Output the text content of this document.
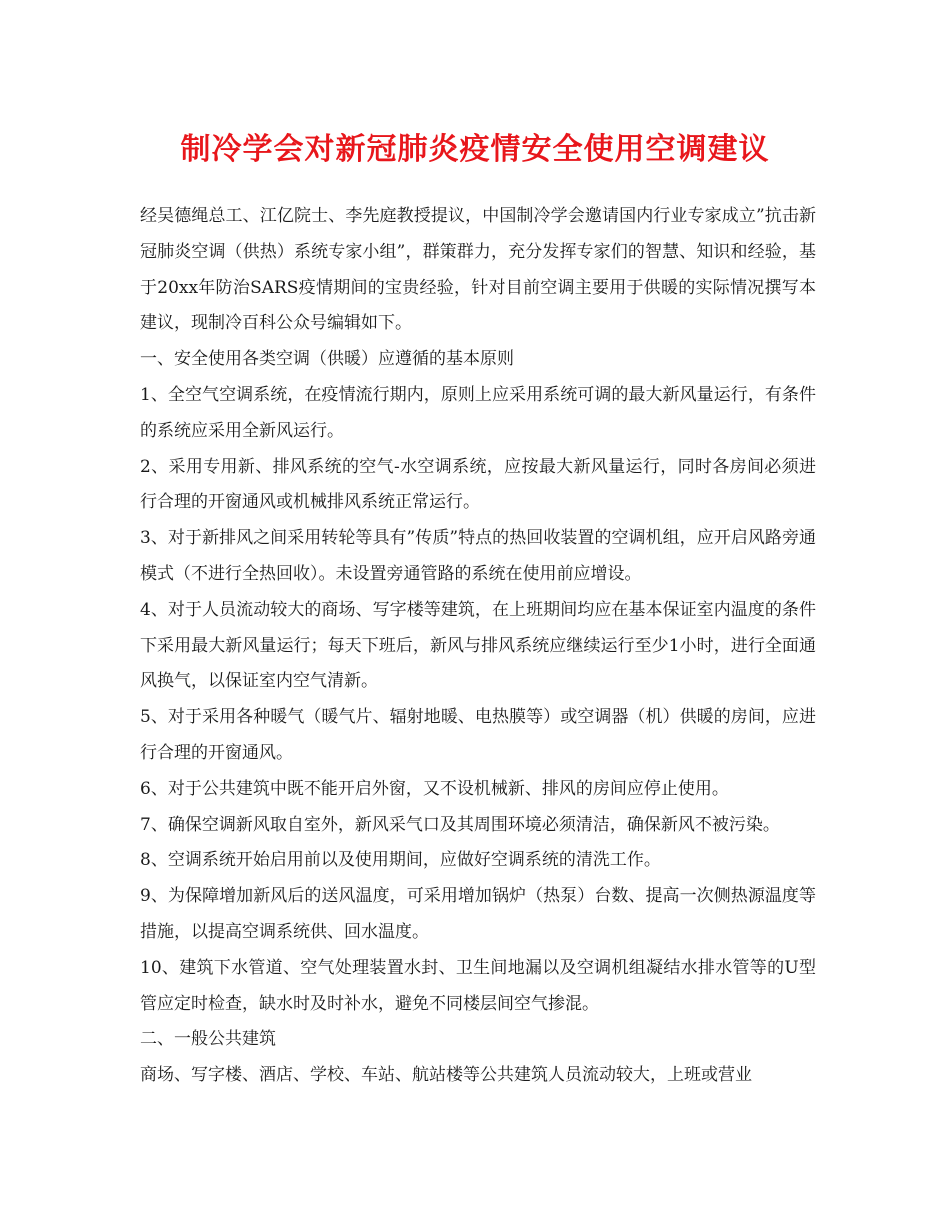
制冷学会对新冠肺炎疫情安全使用空调建议

经吴德绳总工、江亿院士、李先庭教授提议，中国制冷学会邀请国内行业专家成立”抗击新冠肺炎空调（供热）系统专家小组”，群策群力，充分发挥专家们的智慧、知识和经验，基于20xx年防治SARS疫情期间的宝贵经验，针对目前空调主要用于供暖的实际情况撰写本建议，现制冷百科公众号编辑如下。

一、安全使用各类空调（供暖）应遵循的基本原则

1、全空气空调系统，在疫情流行期内，原则上应采用系统可调的最大新风量运行，有条件的系统应采用全新风运行。

2、采用专用新、排风系统的空气-水空调系统，应按最大新风量运行，同时各房间必须进行合理的开窗通风或机械排风系统正常运行。

3、对于新排风之间采用转轮等具有”传质”特点的热回收装置的空调机组，应开启风路旁通模式（不进行全热回收）。未设置旁通管路的系统在使用前应增设。

4、对于人员流动较大的商场、写字楼等建筑，在上班期间均应在基本保证室内温度的条件下采用最大新风量运行；每天下班后，新风与排风系统应继续运行至少1小时，进行全面通风换气，以保证室内空气清新。

5、对于采用各种暖气（暖气片、辐射地暖、电热膜等）或空调器（机）供暖的房间，应进行合理的开窗通风。

6、对于公共建筑中既不能开启外窗，又不设机械新、排风的房间应停止使用。

7、确保空调新风取自室外，新风采气口及其周围环境必须清洁，确保新风不被污染。

8、空调系统开始启用前以及使用期间，应做好空调系统的清洗工作。

9、为保障增加新风后的送风温度，可采用增加锅炉（热泵）台数、提高一次侧热源温度等措施，以提高空调系统供、回水温度。

10、建筑下水管道、空气处理装置水封、卫生间地漏以及空调机组凝结水排水管等的U型管应定时检查，缺水时及时补水，避免不同楼层间空气掺混。

二、一般公共建筑

商场、写字楼、酒店、学校、车站、航站楼等公共建筑人员流动较大，上班或营业
